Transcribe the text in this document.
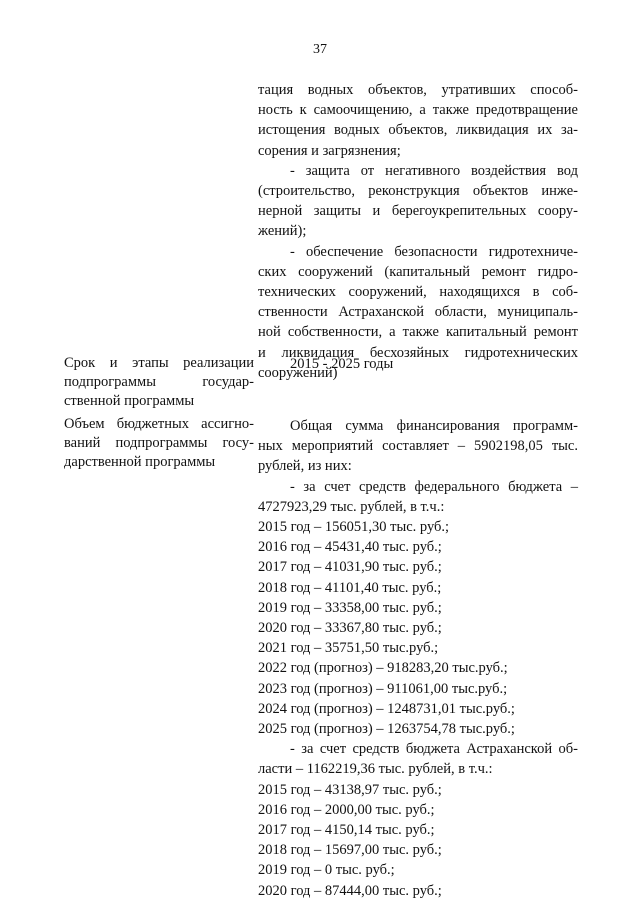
37
тация водных объектов, утративших способ-
ность к самоочищению, а также предотвращение
истощения водных объектов, ликвидация их за-
сорения и загрязнения;
- защита от негативного воздействия вод
(строительство, реконструкция объектов инже-
нерной защиты и берегоукрепительных соору-
жений);
- обеспечение безопасности гидротехниче-
ских сооружений (капитальный ремонт гидро-
технических сооружений, находящихся в соб-
ственности Астраханской области, муниципаль-
ной собственности, а также капитальный ремонт
и ликвидация бесхозяйных гидротехнических
сооружений)
Срок и этапы реализации
подпрограммы государ-
ственной программы
2015 - 2025 годы
Объем бюджетных ассигно-
ваний подпрограммы госу-
дарственной программы
Общая сумма финансирования программ-
ных мероприятий составляет – 5902198,05 тыс.
рублей, из них:
- за счет средств федерального бюджета –
4727923,29 тыс. рублей, в т.ч.:
2015 год – 156051,30 тыс. руб.;
2016 год – 45431,40 тыс. руб.;
2017 год – 41031,90 тыс. руб.;
2018 год – 41101,40 тыс. руб.;
2019 год – 33358,00 тыс. руб.;
2020 год – 33367,80 тыс. руб.;
2021 год – 35751,50 тыс.руб.;
2022 год (прогноз) – 918283,20 тыс.руб.;
2023 год (прогноз) – 911061,00 тыс.руб.;
2024 год (прогноз) – 1248731,01 тыс.руб.;
2025 год (прогноз) – 1263754,78 тыс.руб.;
- за счет средств бюджета Астраханской об-
ласти – 1162219,36 тыс. рублей, в т.ч.:
2015 год – 43138,97 тыс. руб.;
2016 год – 2000,00 тыс. руб.;
2017 год – 4150,14 тыс. руб.;
2018 год – 15697,00 тыс. руб.;
2019 год – 0 тыс. руб.;
2020 год – 87444,00 тыс. руб.;
